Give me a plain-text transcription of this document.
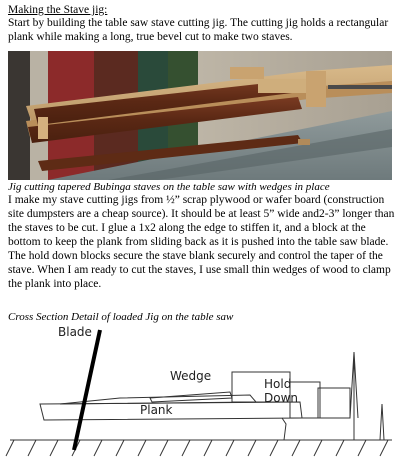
Making the Stave jig:
Start by building the table saw stave cutting jig. The cutting jig holds a rectangular plank while making a long, true bevel cut to make two staves.
Jig cutting tapered Bubinga staves on the table saw with wedges in place
I make my stave cutting jigs from ½” scrap plywood or wafer board (construction site dumpsters are a cheap source). It should be at least 5” wide and2-3” longer than the staves to be cut. I glue a 1x2 along the edge to stiffen it, and a block at the bottom to keep the plank from sliding back as it is pushed into the table saw blade. The hold down blocks secure the stave blank securely and control the taper of the stave. When I am ready to cut the staves, I use small thin wedges of wood to clamp the plank into place.
Cross Section Detail of loaded Jig on the table saw
Blade
Wedge
Plank
Hold
Down
